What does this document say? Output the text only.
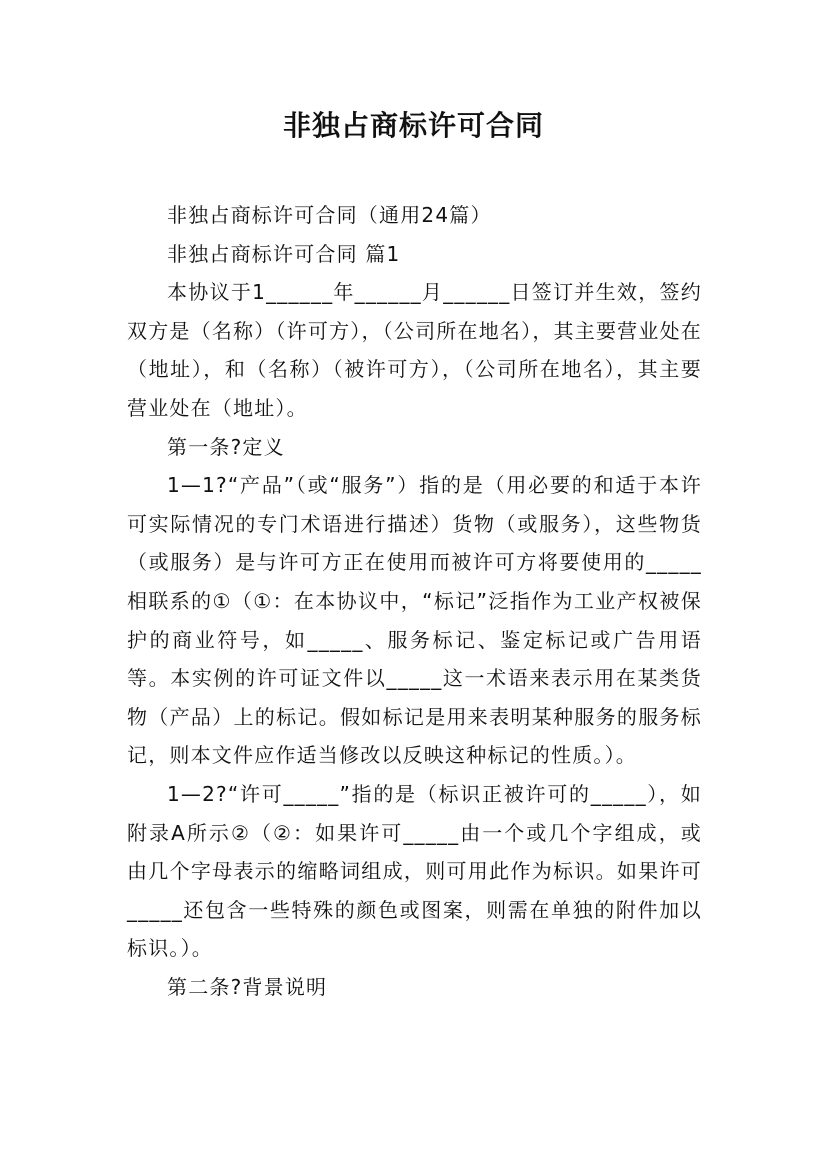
非独占商标许可合同

非独占商标许可合同（通用24篇）

非独占商标许可合同 篇1

本协议于1______年______月______日签订并生效，签约双方是（名称）（许可方），（公司所在地名），其主要营业处在（地址），和（名称）（被许可方），（公司所在地名），其主要营业处在（地址）。

第一条?定义

1—1?“产品”（或“服务”）指的是（用必要的和适于本许可实际情况的专门术语进行描述）货物（或服务），这些物货（或服务）是与许可方正在使用而被许可方将要使用的_____相联系的①（①：在本协议中，“标记”泛指作为工业产权被保护的商业符号，如_____、服务标记、鉴定标记或广告用语等。本实例的许可证文件以_____这一术语来表示用在某类货物（产品）上的标记。假如标记是用来表明某种服务的服务标记，则本文件应作适当修改以反映这种标记的性质。）。

1—2?“许可_____”指的是（标识正被许可的_____），如附录A所示②（②：如果许可_____由一个或几个字组成，或由几个字母表示的缩略词组成，则可用此作为标识。如果许可_____还包含一些特殊的颜色或图案，则需在单独的附件加以标识。）。

第二条?背景说明
